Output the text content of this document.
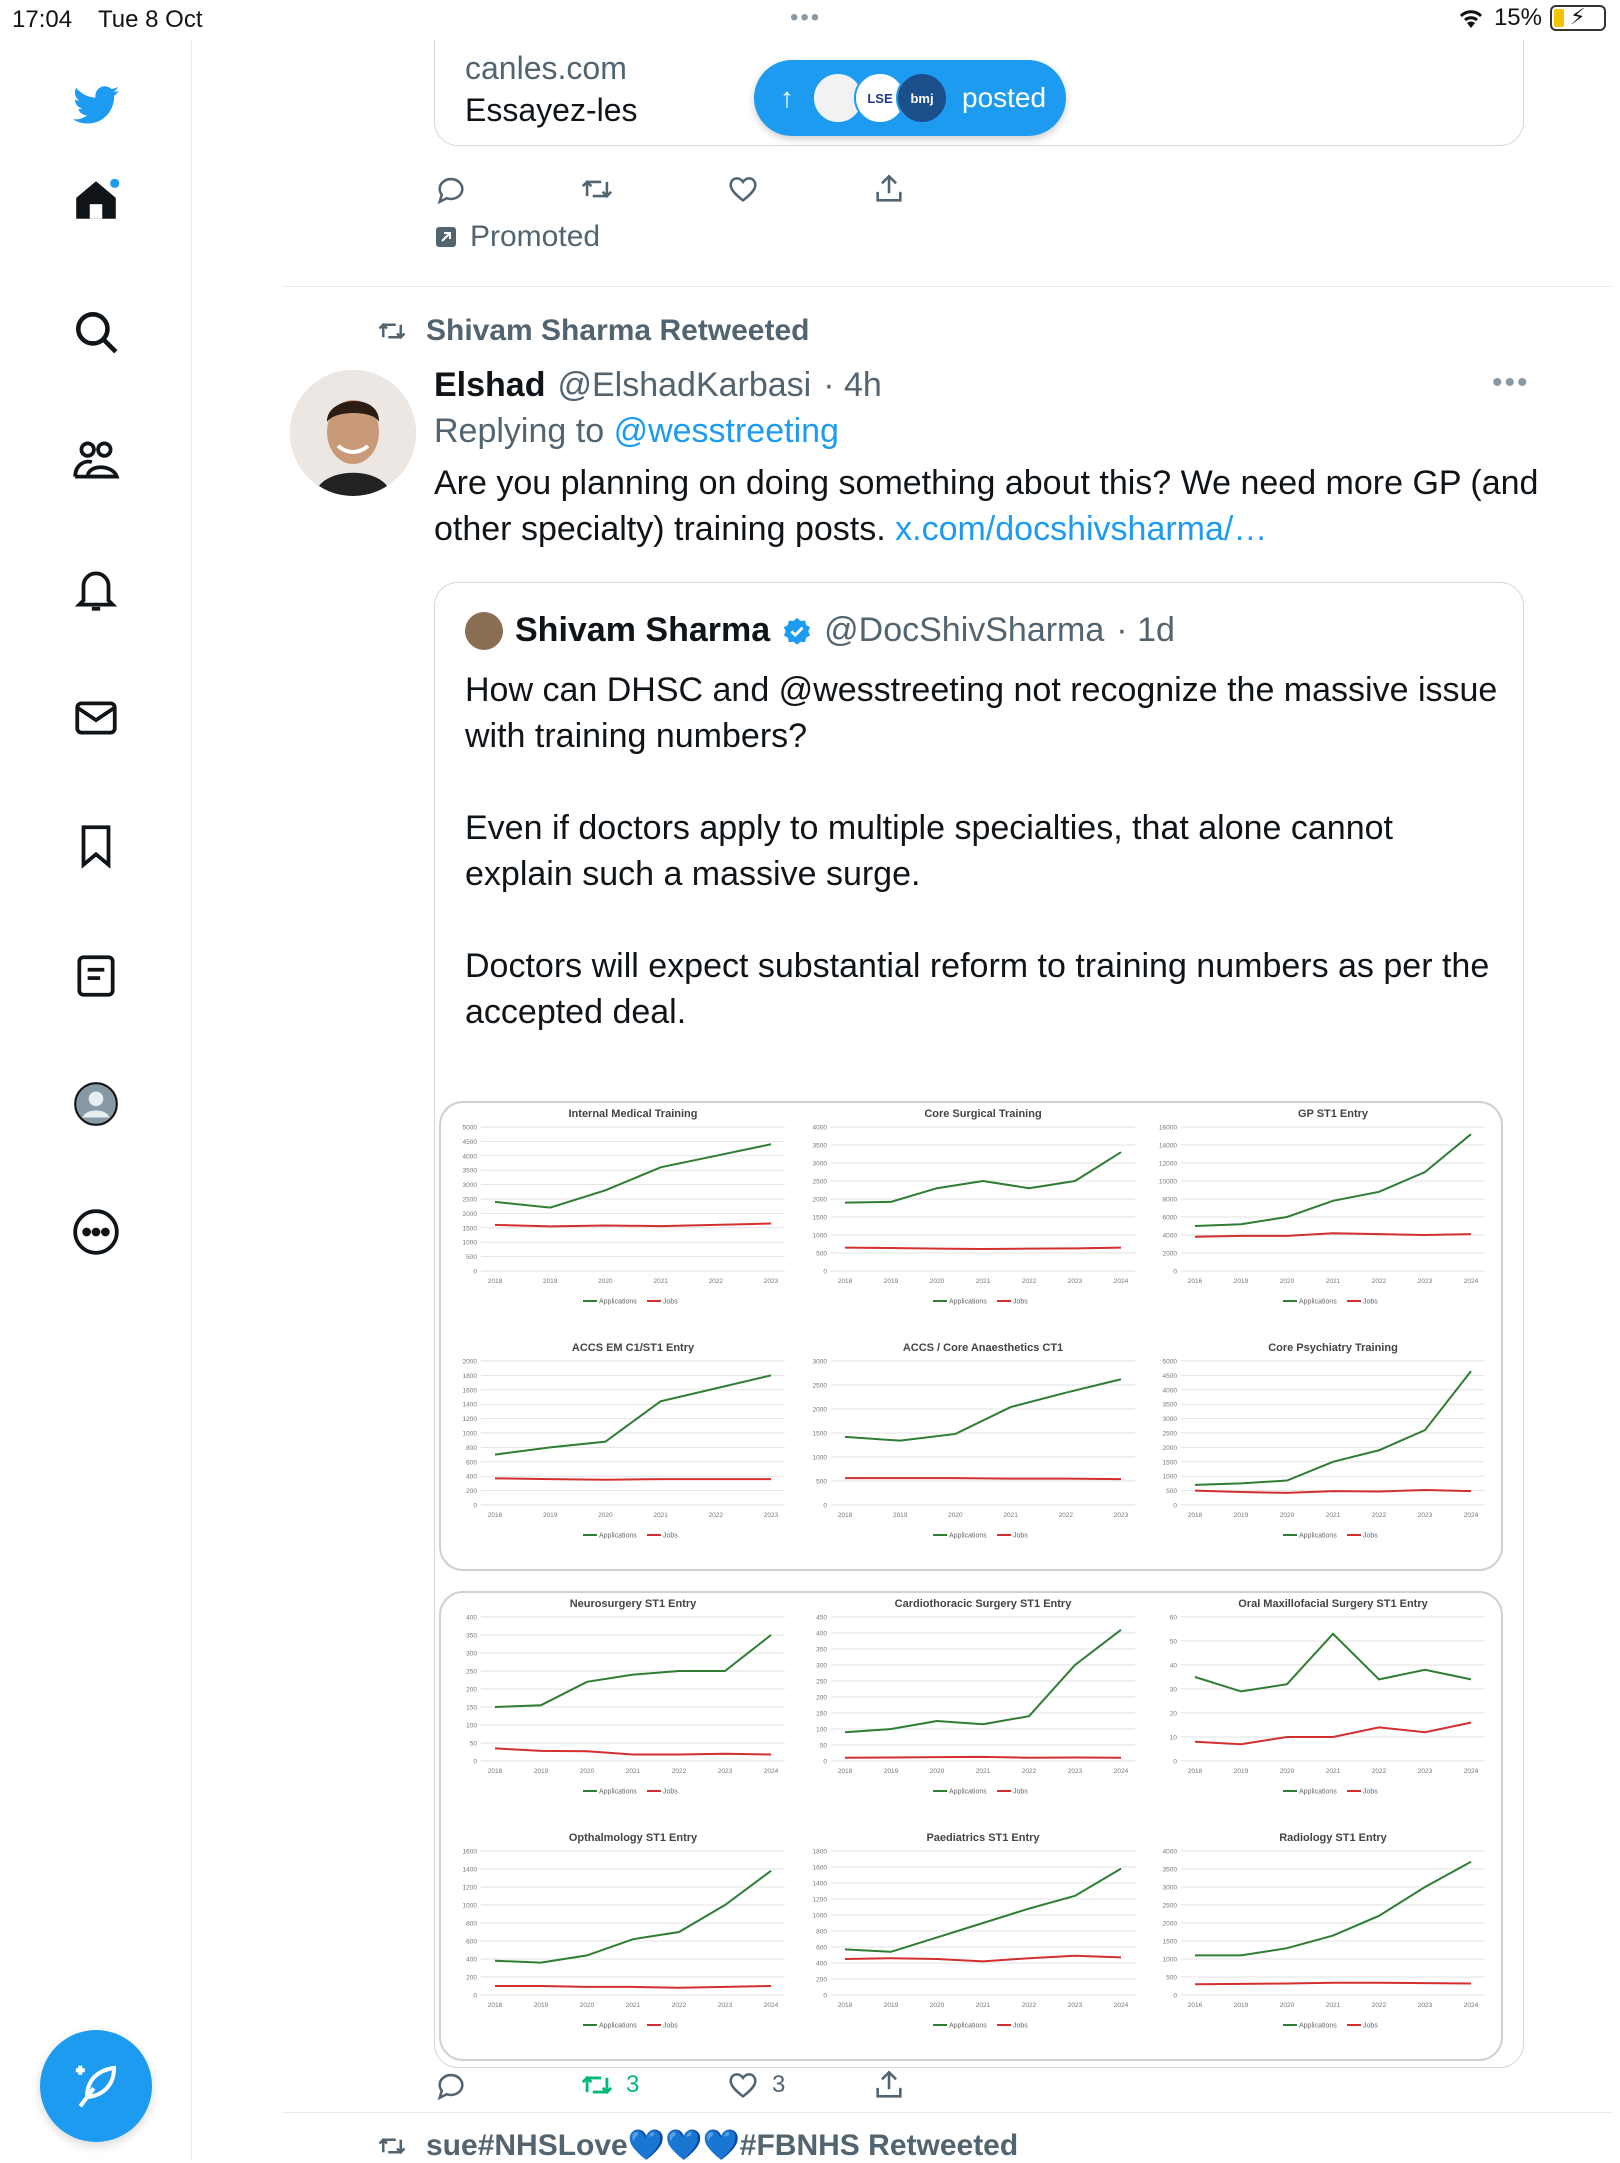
17:04 Tue 8 Oct	•••	15% ⚡
canles.com
Essayez-les	↑	LSE	bmj	posted
Promoted
Shivam Sharma Retweeted
Elshad @ElshadKarbasi · 4h	•••
Replying to @wesstreeting
Are you planning on doing something about this? We need more GP (and other specialty) training posts. x.com/docshivsharma/…
Shivam Sharma @DocShivSharma · 1d
How can DHSC and @wesstreeting not recognize the massive issue with training numbers?

Even if doctors apply to multiple specialties, that alone cannot explain such a massive surge.

Doctors will expect substantial reform to training numbers as per the accepted deal.
Internal Medical Training
0
500
1000
1500
2000
2500
3000
3500
4000
4500
5000
2018	2019	2020	2021	2022	2023
Applications	Jobs
Core Surgical Training
0
500
1000
1500
2000
2500
3000
3500
4000
2018	2019	2020	2021	2022	2023	2024
Applications	Jobs
GP ST1 Entry
0
2000
4000
6000
8000
10000
12000
14000
16000
2016	2019	2020	2021	2022	2023	2024
Applications	Jobs
ACCS EM C1/ST1 Entry
0
200
400
600
800
1000
1200
1400
1600
1800
2000
2016	2019	2020	2021	2022	2023
Applications	Jobs
ACCS / Core Anaesthetics CT1
0
500
1000
1500
2000
2500
3000
2018	2019	2020	2021	2022	2023
Applications	Jobs
Core Psychiatry Training
0
500
1000
1500
2000
2500
3000
3500
4000
4500
5000
2018	2019	2020	2021	2022	2023	2024
Applications	Jobs
Neurosurgery ST1 Entry
0
50
100
150
200
250
300
350
400
2018	2019	2020	2021	2022	2023	2024
Applications	Jobs
Cardiothoracic Surgery ST1 Entry
0
50
100
150
200
250
300
350
400
450
2018	2019	2020	2021	2022	2023	2024
Applications	Jobs
Oral Maxillofacial Surgery ST1 Entry
0
10
20
30
40
50
60
2018	2019	2020	2021	2022	2023	2024
Applications	Jobs
Opthalmology ST1 Entry
0
200
400
600
800
1000
1200
1400
1600
2018	2019	2020	2021	2022	2023	2024
Applications	Jobs
Paediatrics ST1 Entry
0
200
400
600
800
1000
1200
1400
1600
1800
2018	2019	2020	2021	2022	2023	2024
Applications	Jobs
Radiology ST1 Entry
0
500
1000
1500
2000
2500
3000
3500
4000
2016	2019	2020	2021	2022	2023	2024
Applications	Jobs
3	3
sue#NHSLove💙💙💙#FBNHS Retweeted
